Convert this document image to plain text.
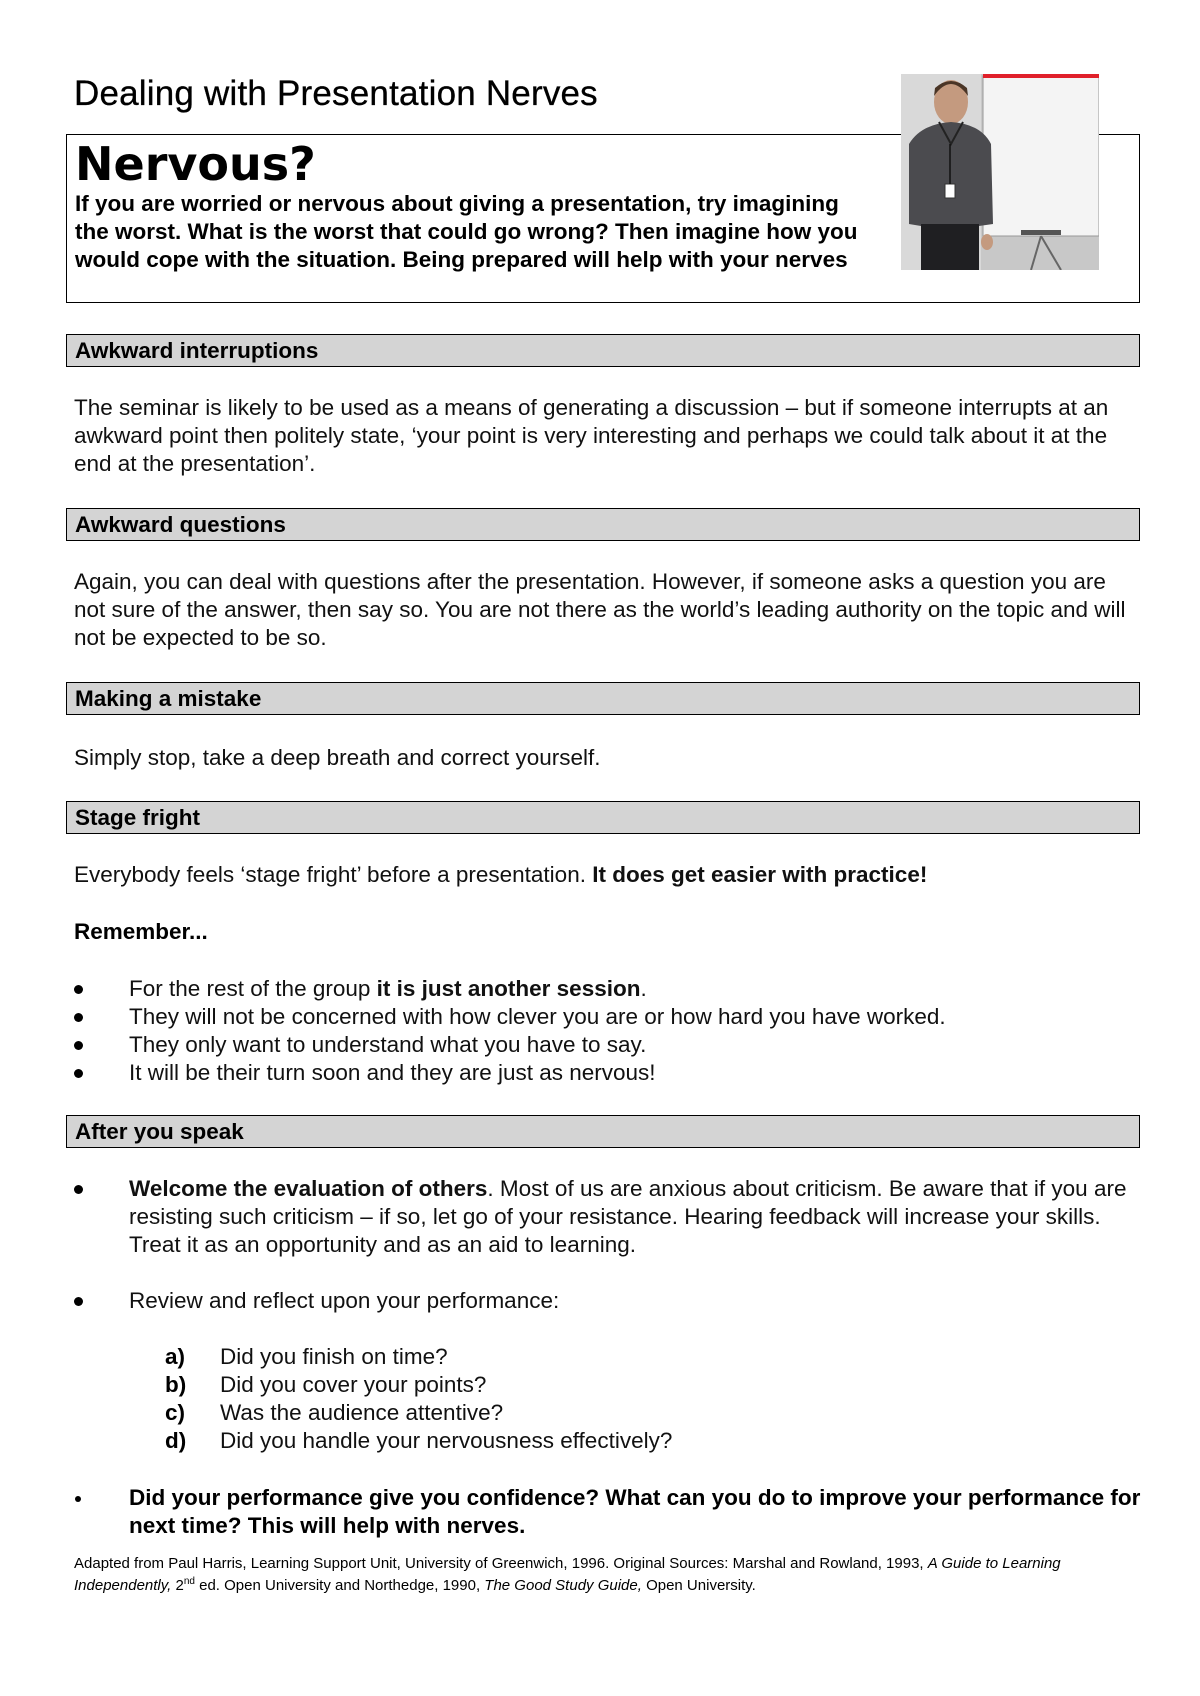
Dealing with Presentation Nerves
Nervous?
If you are worried or nervous about giving a presentation, try imagining the worst. What is the worst that could go wrong? Then imagine how you would cope with the situation. Being prepared will help with your nerves
Awkward interruptions
The seminar is likely to be used as a means of generating a discussion – but if someone interrupts at an awkward point then politely state, ‘your point is very interesting and perhaps we could talk about it at the end at the presentation’.
Awkward questions
Again, you can deal with questions after the presentation. However, if someone asks a question you are not sure of the answer, then say so. You are not there as the world’s leading authority on the topic and will not be expected to be so.
Making a mistake
Simply stop, take a deep breath and correct yourself.
Stage fright
Everybody feels ‘stage fright’ before a presentation. It does get easier with practice!
Remember...
For the rest of the group it is just another session.
They will not be concerned with how clever you are or how hard you have worked.
They only want to understand what you have to say.
It will be their turn soon and they are just as nervous!
After you speak
Welcome the evaluation of others. Most of us are anxious about criticism. Be aware that if you are resisting such criticism – if so, let go of your resistance. Hearing feedback will increase your skills. Treat it as an opportunity and as an aid to learning.
Review and reflect upon your performance:
a) Did you finish on time?
b) Did you cover your points?
c) Was the audience attentive?
d) Did you handle your nervousness effectively?
Did your performance give you confidence? What can you do to improve your performance for next time? This will help with nerves.
Adapted from Paul Harris, Learning Support Unit, University of Greenwich, 1996. Original Sources: Marshal and Rowland, 1993, A Guide to Learning Independently, 2nd ed. Open University and Northedge, 1990, The Good Study Guide, Open University.
